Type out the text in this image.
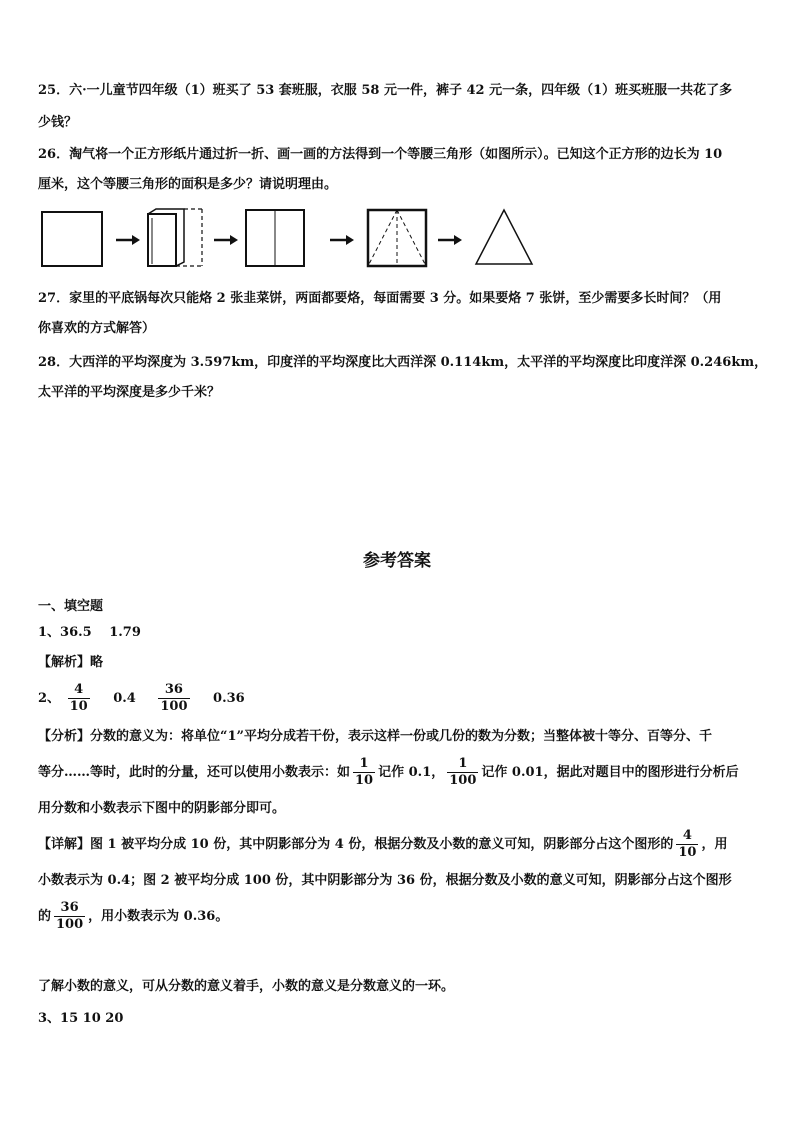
25．六·一儿童节四年级（1）班买了 53 套班服，衣服 58 元一件，裤子 42 元一条，四年级（1）班买班服一共花了多
少钱？
26．淘气将一个正方形纸片通过折一折、画一画的方法得到一个等腰三角形（如图所示）。已知这个正方形的边长为 10
厘米，这个等腰三角形的面积是多少？请说明理由。
27．家里的平底锅每次只能烙 2 张韭菜饼，两面都要烙，每面需要 3 分。如果要烙 7 张饼，至少需要多长时间？（用
你喜欢的方式解答）
28．大西洋的平均深度为 3.597km，印度洋的平均深度比大西洋深 0.114km，太平洋的平均深度比印度洋深 0.246km，
太平洋的平均深度是多少千米？
参考答案
一、填空题
1、36.5　 1.79
【解析】略
2、 $\frac{4}{10} 0.4 \frac{36}{100} 0.36$
【分析】分数的意义为：将单位“1”平均分成若干份，表示这样一份或几份的数为分数；当整体被十等分、百等分、千
等分……等时，此时的分量，还可以使用小数表示：如 $\frac{1}{10}$ 记作 0.1， $\frac{1}{100}$ 记作 0.01，据此对题目中的图形进行分析后
用分数和小数表示下图中的阴影部分即可。
【详解】图 1 被平均分成 10 份，其中阴影部分为 4 份，根据分数及小数的意义可知，阴影部分占这个图形的 $\frac{4}{10}$ ，用
小数表示为 0.4；图 2 被平均分成 100 份，其中阴影部分为 36 份，根据分数及小数的意义可知，阴影部分占这个图形
的 $\frac{36}{100}$ ，用小数表示为 0.36。
了解小数的意义，可从分数的意义着手，小数的意义是分数意义的一环。
3、15 10 20
